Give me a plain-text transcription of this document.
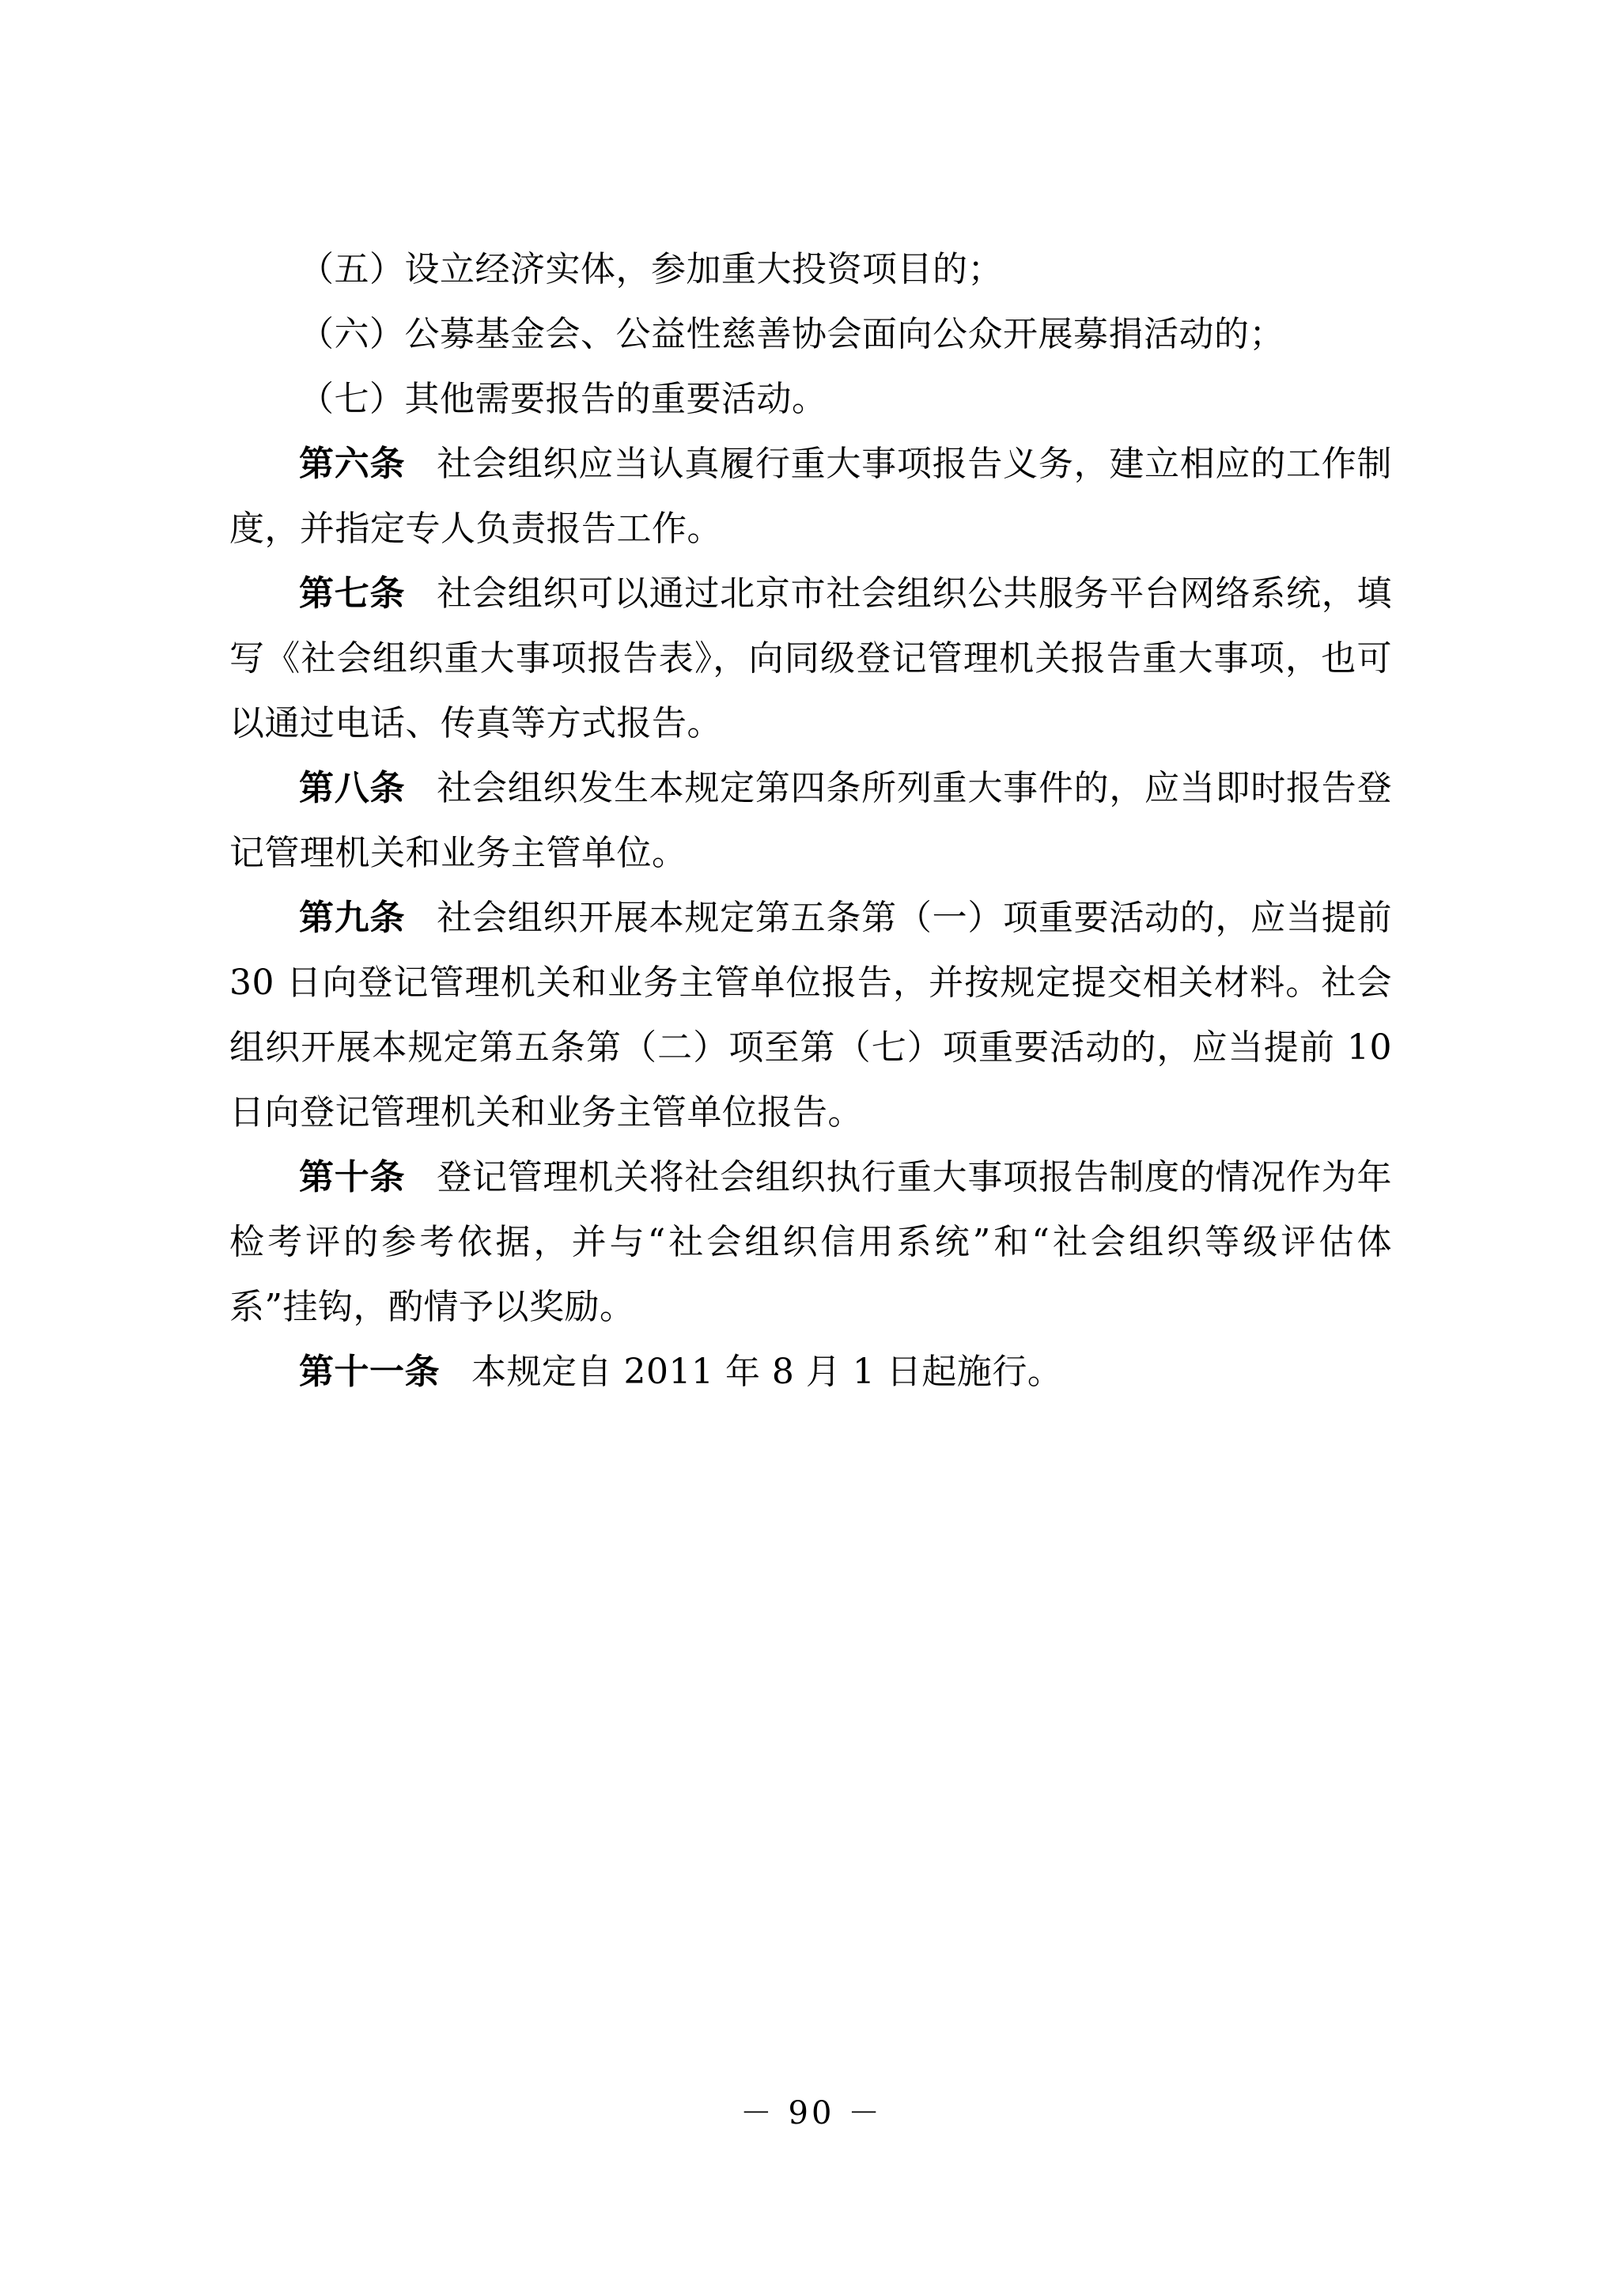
（五）设立经济实体，参加重大投资项目的；

（六）公募基金会、公益性慈善协会面向公众开展募捐活动的；

（七）其他需要报告的重要活动。

第六条 社会组织应当认真履行重大事项报告义务，建立相应的工作制度，并指定专人负责报告工作。

第七条 社会组织可以通过北京市社会组织公共服务平台网络系统，填写《社会组织重大事项报告表》，向同级登记管理机关报告重大事项，也可以通过电话、传真等方式报告。

第八条 社会组织发生本规定第四条所列重大事件的，应当即时报告登记管理机关和业务主管单位。

第九条 社会组织开展本规定第五条第（一）项重要活动的，应当提前 30 日向登记管理机关和业务主管单位报告，并按规定提交相关材料。社会组织开展本规定第五条第（二）项至第（七）项重要活动的，应当提前 10 日向登记管理机关和业务主管单位报告。

第十条 登记管理机关将社会组织执行重大事项报告制度的情况作为年检考评的参考依据，并与“社会组织信用系统”和“社会组织等级评估体系”挂钩，酌情予以奖励。

第十一条 本规定自 2011 年 8 月 1 日起施行。

－ 90 －
